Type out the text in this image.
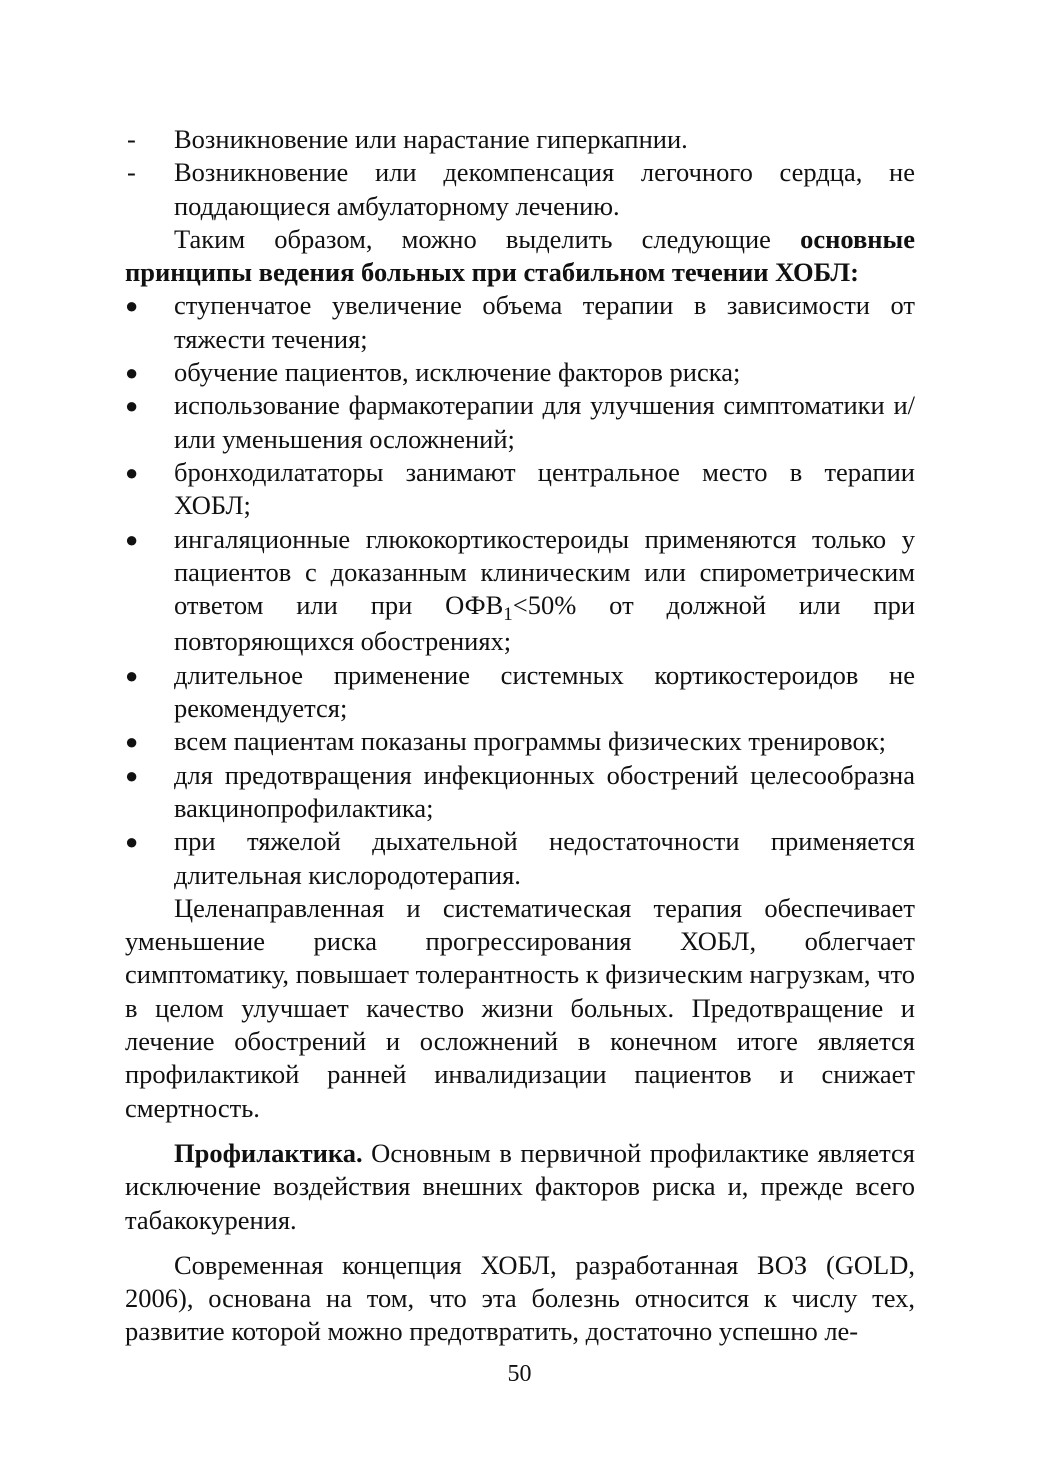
-	Возникновение или нарастание гиперкапнии.
-	Возникновение или декомпенсация легочного сердца, не поддающиеся амбулаторному лечению.

Таким образом, можно выделить следующие основные принципы ведения больных при стабильном течении ХОБЛ:

● ступенчатое увеличение объема терапии в зависимости от тяжести течения;
● обучение пациентов, исключение факторов риска;
● использование фармакотерапии для улучшения симптоматики и/или уменьшения осложнений;
● бронходилататоры занимают центральное место в терапии ХОБЛ;
● ингаляционные глюкокортикостероиды применяются только у пациентов с доказанным клиническим или спирометрическим ответом или при $ОФВ_1<50\%$ от должной или при повторяющихся обострениях;
● длительное применение системных кортикостероидов не рекомендуется;
● всем пациентам показаны программы физических тренировок;
● для предотвращения инфекционных обострений целесообразна вакцинопрофилактика;
● при тяжелой дыхательной недостаточности применяется длительная кислородотерапия.

Целенаправленная и систематическая терапия обеспечивает уменьшение риска прогрессирования ХОБЛ, облегчает симптоматику, повышает толерантность к физическим нагрузкам, что в целом улучшает качество жизни больных. Предотвращение и лечение обострений и осложнений в конечном итоге является профилактикой ранней инвалидизации пациентов и снижает смертность.

Профилактика. Основным в первичной профилактике является исключение воздействия внешних факторов риска и, прежде всего табакокурения.

Современная концепция ХОБЛ, разработанная ВОЗ (GOLD, 2006), основана на том, что эта болезнь относится к числу тех, развитие которой можно предотвратить, достаточно успешно ле-

50
